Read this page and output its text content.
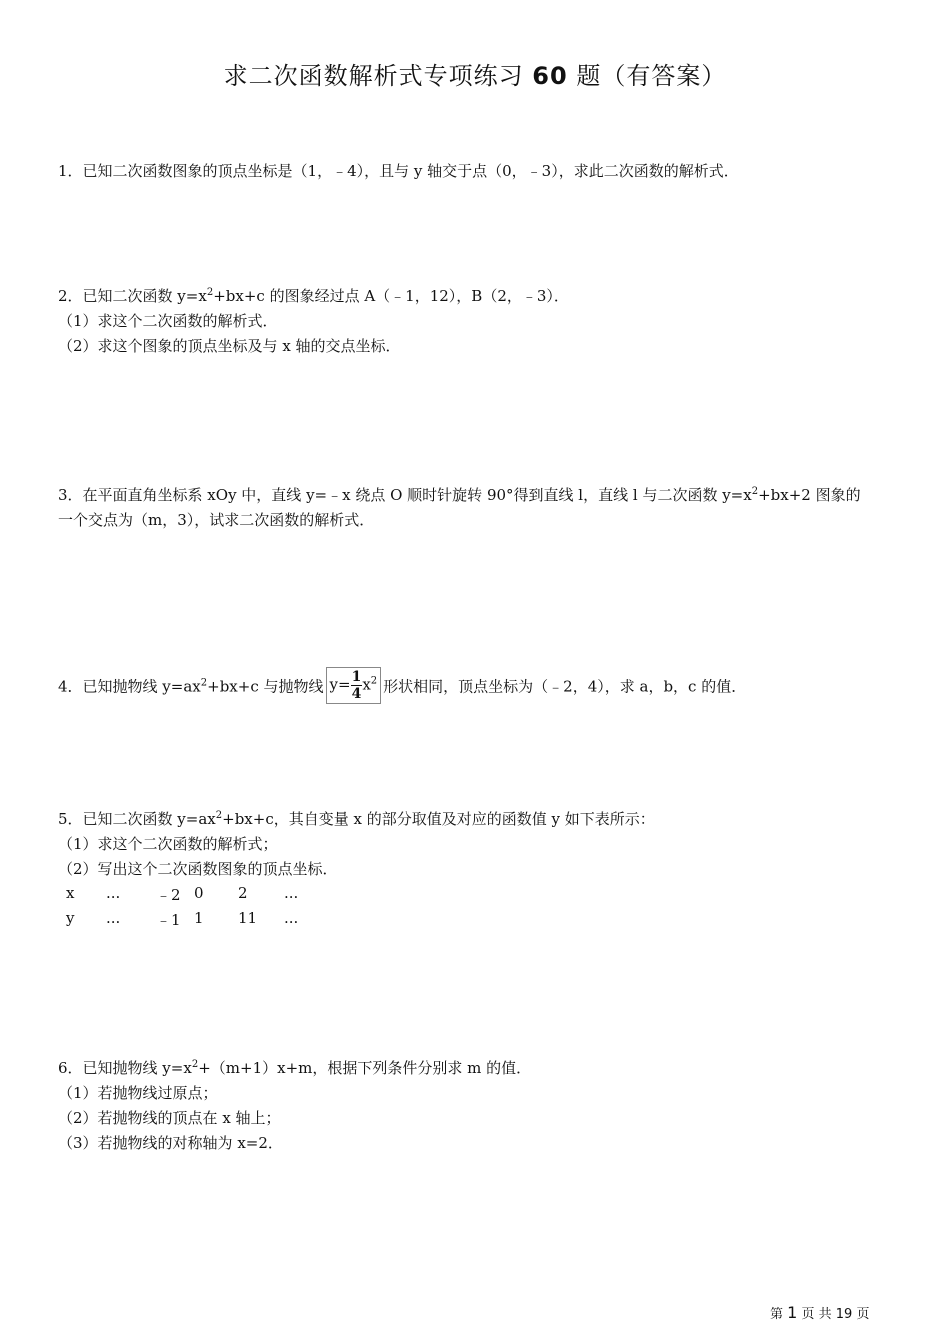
求二次函数解析式专项练习 60 题（有答案）
1．已知二次函数图象的顶点坐标是（1，﹣4），且与 y 轴交于点（0，﹣3），求此二次函数的解析式．
2．已知二次函数 $y=x^2+bx+c$ 的图象经过点 A（﹣1，12），B（2，﹣3）．
（1）求这个二次函数的解析式．
（2）求这个图象的顶点坐标及与 x 轴的交点坐标．
3．在平面直角坐标系 xOy 中，直线 y=﹣x 绕点 O 顺时针旋转 90°得到直线 l，直线 l 与二次函数 $y=x^2+bx+2$ 图象的
一个交点为（m，3），试求二次函数的解析式．
4．已知抛物线 $y=ax^2+bx+c$ 与抛物线 $y= \frac{1}{4} x^2$ 形状相同，顶点坐标为（﹣2，4），求 a，b，c 的值．
5．已知二次函数 $y=ax^2+bx+c$，其自变量 x 的部分取值及对应的函数值 y 如下表所示：
（1）求这个二次函数的解析式；
（2）写出这个二次函数图象的顶点坐标．
x ... ﹣2 0 2 ...
y ... ﹣1 1 11 ...
6．已知抛物线 $y=x^2+(m+1)x+m$，根据下列条件分别求 m 的值．
（1）若抛物线过原点；
（2）若抛物线的顶点在 x 轴上；
（3）若抛物线的对称轴为 x=2．
第 1 页 共 19 页
